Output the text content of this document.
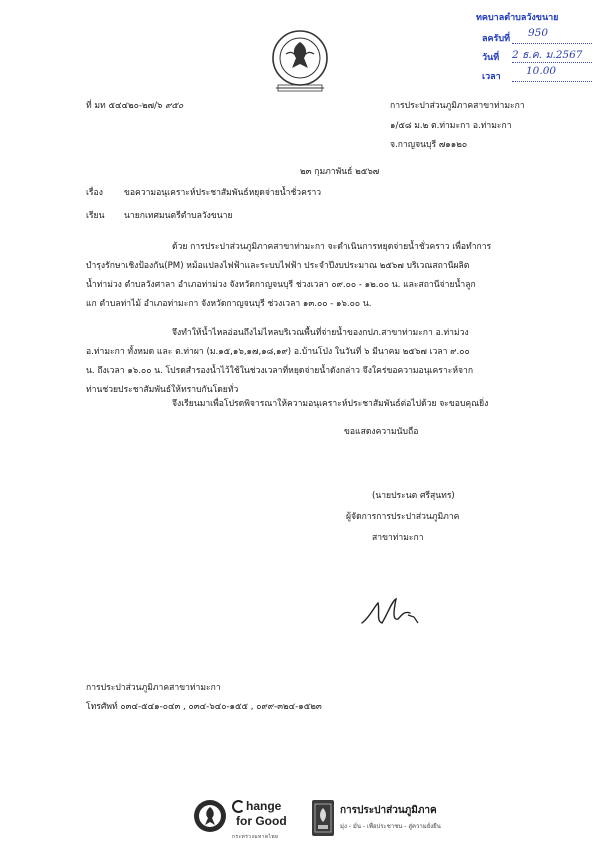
ทคบาลตำบลวังขนาย
ลครับที่ 950
วันที่ 2 ธ.ค. ม.2567
เวลา 10.00
ที่ มท ๕๔๔๒๐-๒๗/๖ ๙๕๐	การประปาส่วนภูมิภาคสาขาท่ามะกา
๑/๕๘ ม.๒ ต.ท่ามะกา อ.ท่ามะกา
จ.กาญจนบุรี ๗๑๑๒๐
๒๓ กุมภาพันธ์ ๒๕๖๗
เรื่อง ขอความอนุเคราะห์ประชาสัมพันธ์หยุดจ่ายน้ำชั่วคราว
เรียน นายกเทศมนตรีตำบลวังขนาย
ด้วย การประปาส่วนภูมิภาคสาขาท่ามะกา จะดำเนินการหยุดจ่ายน้ำชั่วคราว เพื่อทำการ
บำรุงรักษาเชิงป้องกัน(PM) หม้อแปลงไฟฟ้าและระบบไฟฟ้า ประจำปีงบประมาณ ๒๕๖๗ บริเวณสถานีผลิต
น้ำท่าม่วง ตำบลวังศาลา อำเภอท่าม่วง จังหวัดกาญจนบุรี ช่วงเวลา ๐๙.๐๐ - ๑๒.๐๐ น. และสถานีจ่ายน้ำลูก
แก ตำบลท่าไม้ อำเภอท่ามะกา จังหวัดกาญจนบุรี ช่วงเวลา ๑๓.๐๐ - ๑๖.๐๐ น.
จึงทำให้น้ำไหลอ่อนถึงไม่ไหลบริเวณพื้นที่จ่ายน้ำของกปภ.สาขาท่ามะกา อ.ท่าม่วง
อ.ท่ามะกา ทั้งหมด และ ต.ท่าผา (ม.๑๕,๑๖,๑๗,๑๘,๑๙) อ.บ้านโป่ง ในวันที่ ๖ มีนาคม ๒๕๖๗ เวลา ๙.๐๐
น. ถึงเวลา ๑๖.๐๐ น. โปรดสำรองน้ำไว้ใช้ในช่วงเวลาที่หยุดจ่ายน้ำดังกล่าว จึงใคร่ขอความอนุเคราะห์จาก
ท่านช่วยประชาสัมพันธ์ให้ทราบกันโดยทั่ว
จึงเรียนมาเพื่อโปรดพิจารณาให้ความอนุเคราะห์ประชาสัมพันธ์ต่อไปด้วย จะขอบคุณยิ่ง
ขอแสดงความนับถือ
(นายประนต ศรีสุนทร)
ผู้จัดการการประปาส่วนภูมิภาค
สาขาท่ามะกา
การประปาส่วนภูมิภาคสาขาท่ามะกา
โทรศัพท์ ๐๓๔-๕๔๑-๐๔๓ , ๐๓๔-๖๔๐-๑๕๕ , ๐๙๙-๓๒๔-๑๕๒๓
hange
for Good
กระทรวงมหาดไทย
การประปาส่วนภูมิภาค
มุ่ง - มั่น - เพื่อประชาชน - สู่ความยั่งยืน
